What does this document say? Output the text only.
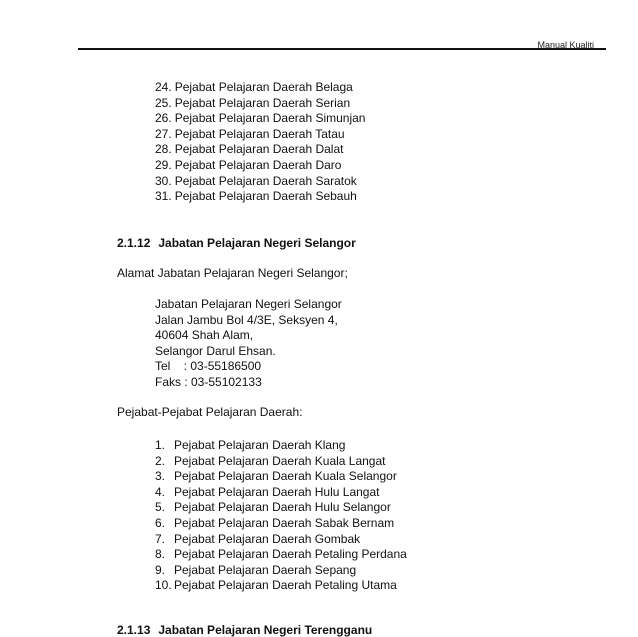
Manual Kualiti
24. Pejabat Pelajaran Daerah Belaga
25. Pejabat Pelajaran Daerah Serian
26. Pejabat Pelajaran Daerah Simunjan
27. Pejabat Pelajaran Daerah Tatau
28. Pejabat Pelajaran Daerah Dalat
29. Pejabat Pelajaran Daerah Daro
30. Pejabat Pelajaran Daerah Saratok
31. Pejabat Pelajaran Daerah Sebauh
2.1.12 Jabatan Pelajaran Negeri Selangor
Alamat Jabatan Pelajaran Negeri Selangor;
Jabatan Pelajaran Negeri Selangor
Jalan Jambu Bol 4/3E, Seksyen 4,
40604 Shah Alam,
Selangor Darul Ehsan.
Tel    : 03-55186500
Faks : 03-55102133
Pejabat-Pejabat Pelajaran Daerah:
1. Pejabat Pelajaran Daerah Klang
2. Pejabat Pelajaran Daerah Kuala Langat
3. Pejabat Pelajaran Daerah Kuala Selangor
4. Pejabat Pelajaran Daerah Hulu Langat
5. Pejabat Pelajaran Daerah Hulu Selangor
6. Pejabat Pelajaran Daerah Sabak Bernam
7. Pejabat Pelajaran Daerah Gombak
8. Pejabat Pelajaran Daerah Petaling Perdana
9. Pejabat Pelajaran Daerah Sepang
10. Pejabat Pelajaran Daerah Petaling Utama
2.1.13 Jabatan Pelajaran Negeri Terengganu
